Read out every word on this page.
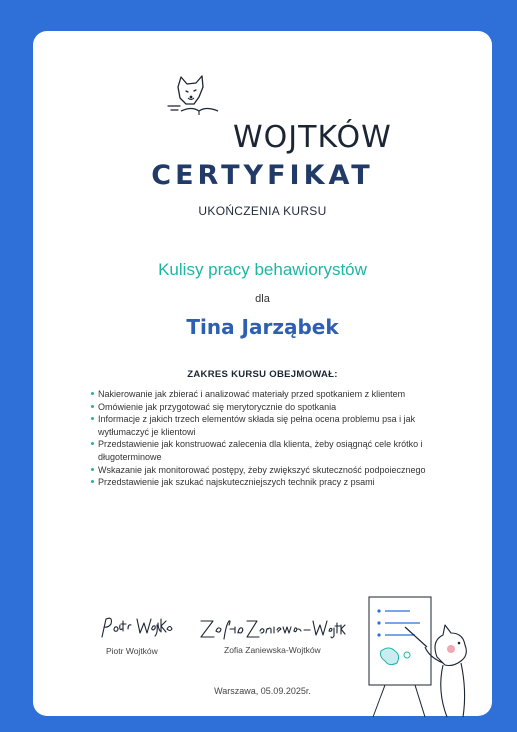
WOJTKÓW
CERTYFIKAT
UKOŃCZENIA KURSU
Kulisy pracy behawiorystów
dla
Tina Jarząbek
ZAKRES KURSU OBEJMOWAŁ:
Nakierowanie jak zbierać i analizować materiały przed spotkaniem z klientem
Omówienie jak przygotować się merytorycznie do spotkania
Informacje z jakich trzech elementów składa się pełna ocena problemu psa i jak wytłumaczyć je klientowi
Przedstawienie jak konstruować zalecenia dla klienta, żeby osiągnąć cele krótko i długoterminowe
Wskazanie jak monitorować postępy, żeby zwiększyć skuteczność podpoiecznego
Przedstawienie jak szukać najskuteczniejszych technik pracy z psami
Piotr Wojtków	Zofia Zaniewska-Wojtków
Warszawa, 05.09.2025r.
